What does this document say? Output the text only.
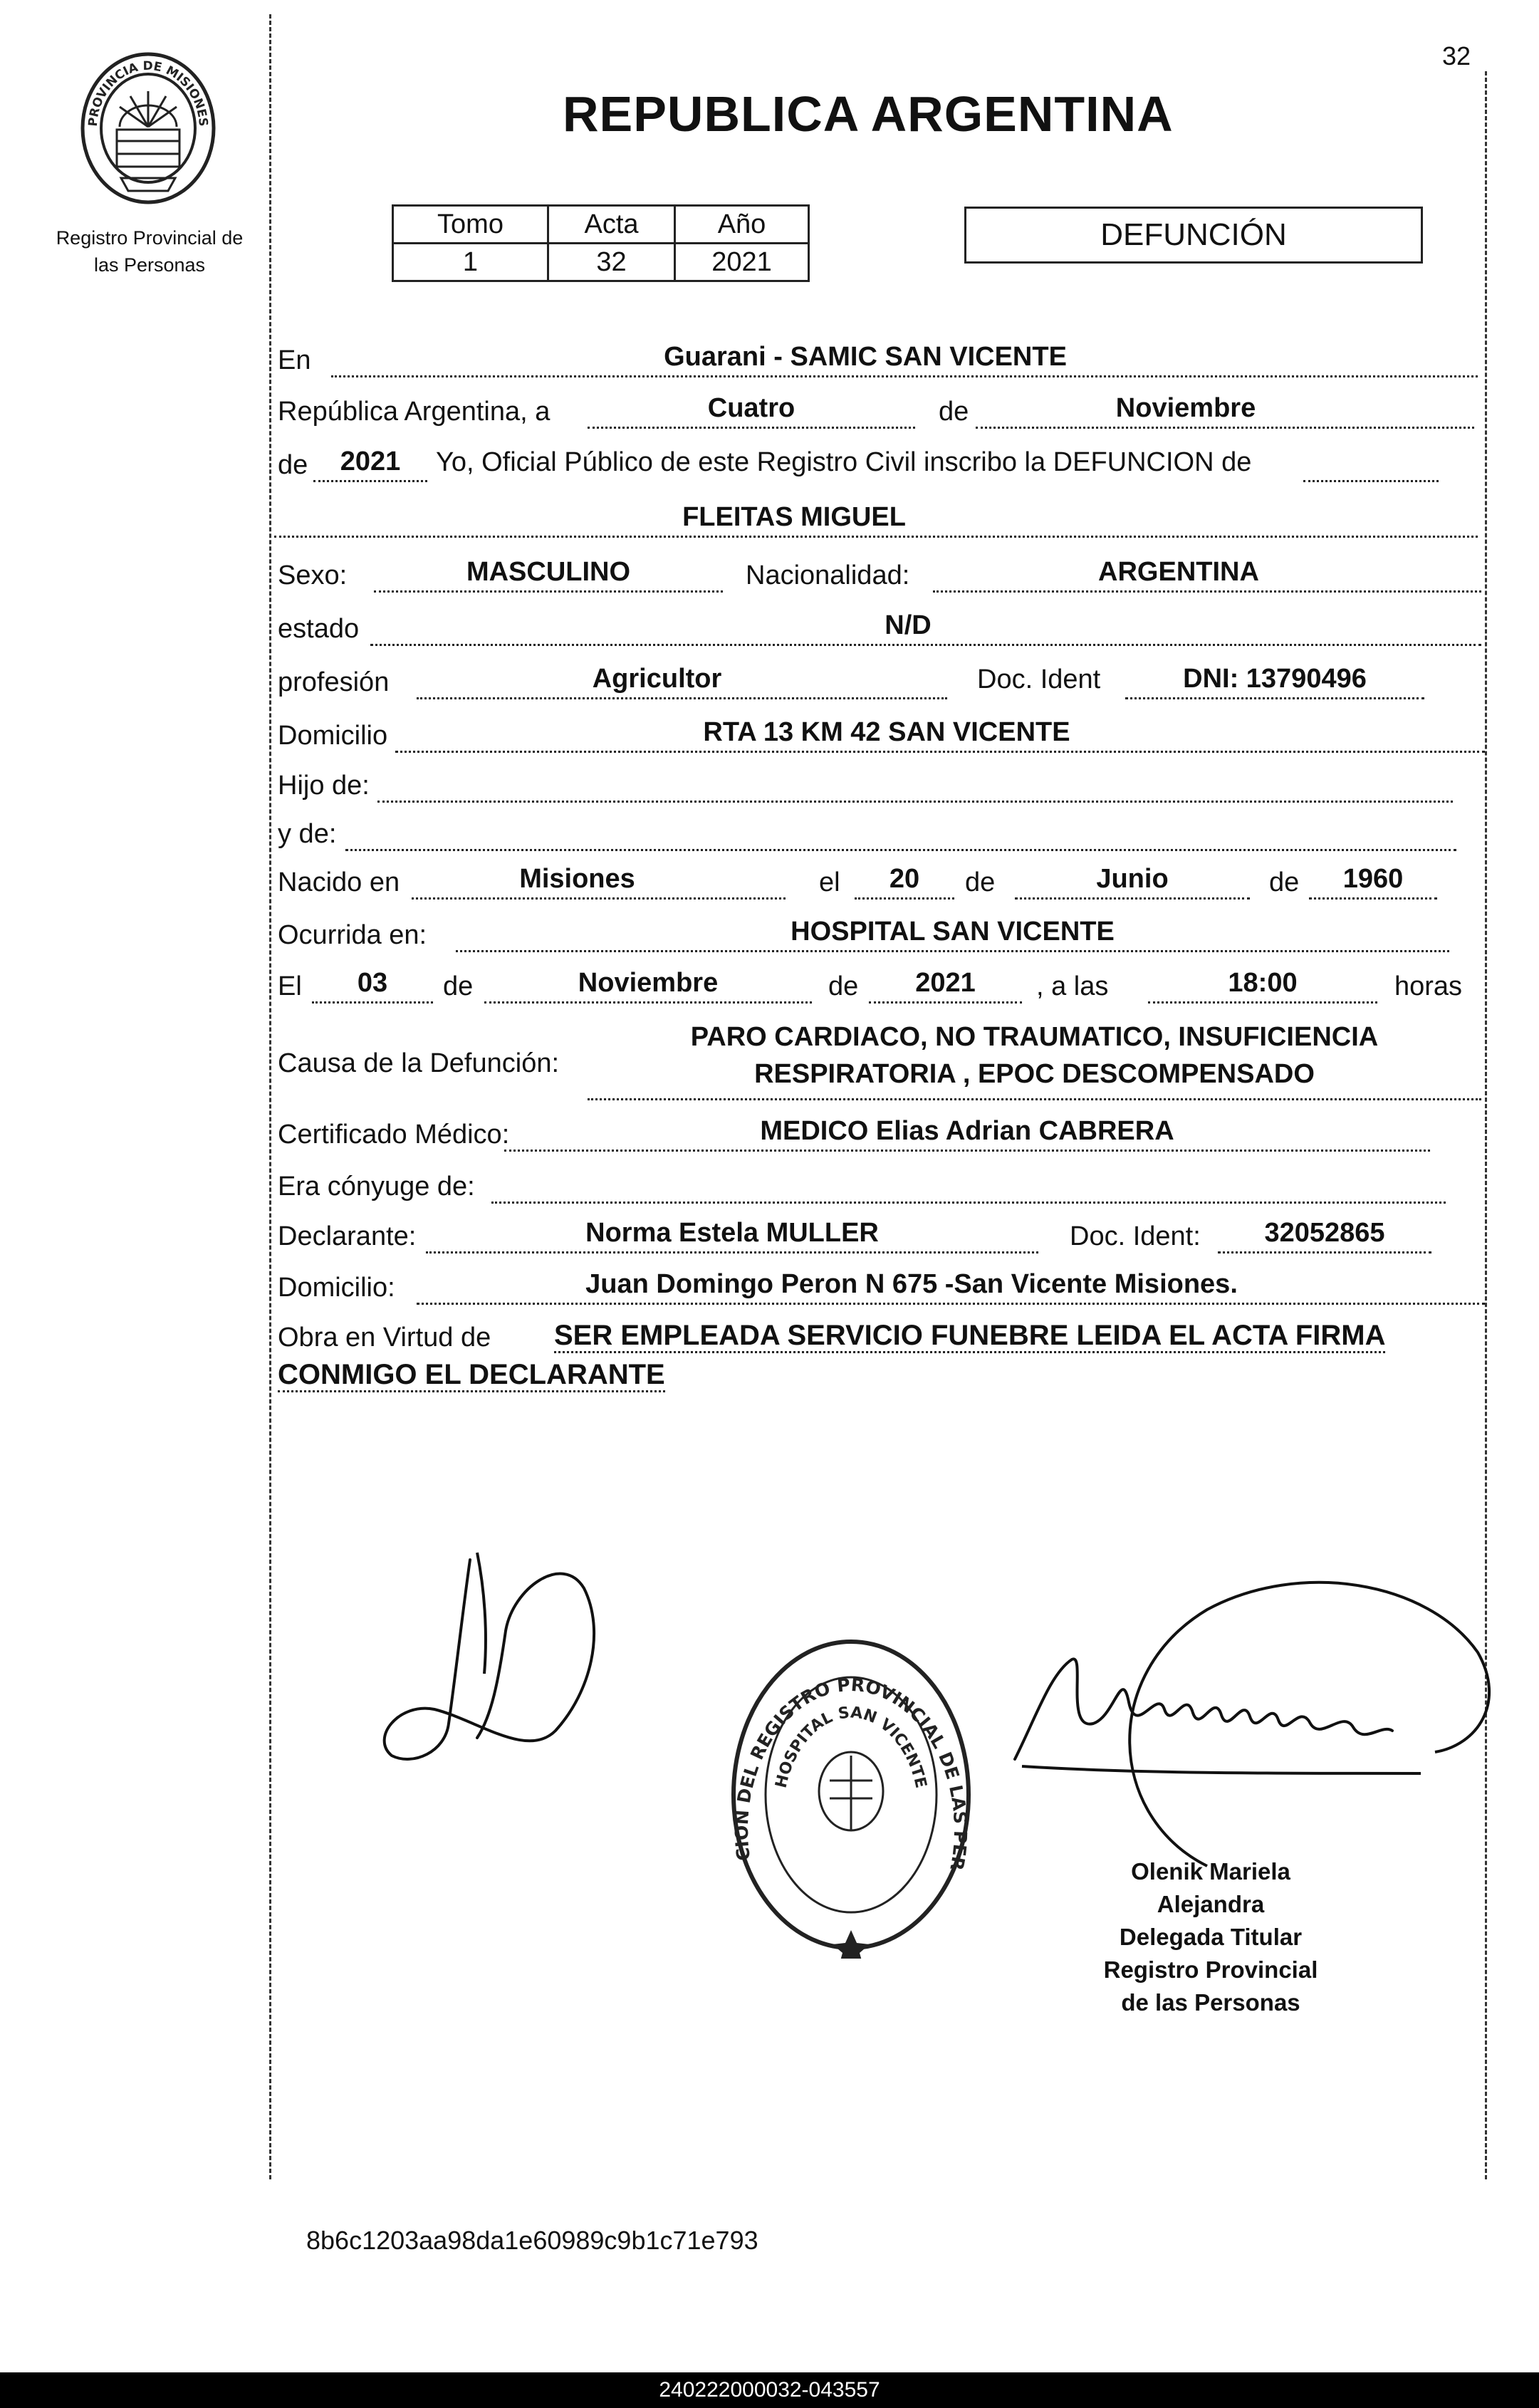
32
PROVINCIA DE MISIONES
Registro Provincial de
las Personas
REPUBLICA ARGENTINA
Tomo	Acta	Año
1	32	2021
DEFUNCIÓN
En	Guarani - SAMIC SAN VICENTE
República Argentina, a	Cuatro	de	Noviembre
de	2021	Yo, Oficial Público de este Registro Civil inscribo la DEFUNCION de
FLEITAS MIGUEL
Sexo:	MASCULINO	Nacionalidad:	ARGENTINA
estado	N/D
profesión	Agricultor	Doc. Ident	DNI: 13790496
Domicilio	RTA 13 KM 42 SAN VICENTE
Hijo de:
y de:
Nacido en	Misiones	el	20	de	Junio	de	1960
Ocurrida en:	HOSPITAL SAN VICENTE
El	03	de	Noviembre	de	2021	, a las	18:00	horas
Causa de la Defunción:
PARO CARDIACO, NO TRAUMATICO, INSUFICIENCIA
RESPIRATORIA , EPOC DESCOMPENSADO
Certificado Médico:	MEDICO Elias Adrian CABRERA
Era cónyuge de:
Declarante:	Norma Estela MULLER	Doc. Ident:	32052865
Domicilio:	Juan Domingo Peron N 675 -San Vicente Misiones.
Obra en Virtud de SER EMPLEADA SERVICIO FUNEBRE LEIDA EL ACTA FIRMA
CONMIGO EL DECLARANTE
CION DEL REGISTRO PROVINCIAL DE LAS PER
HOSPITAL SAN VICENTE
Olenik Mariela Alejandra
Delegada Titular
Registro Provincial
de las Personas
8b6c1203aa98da1e60989c9b1c71e793
240222000032-043557
